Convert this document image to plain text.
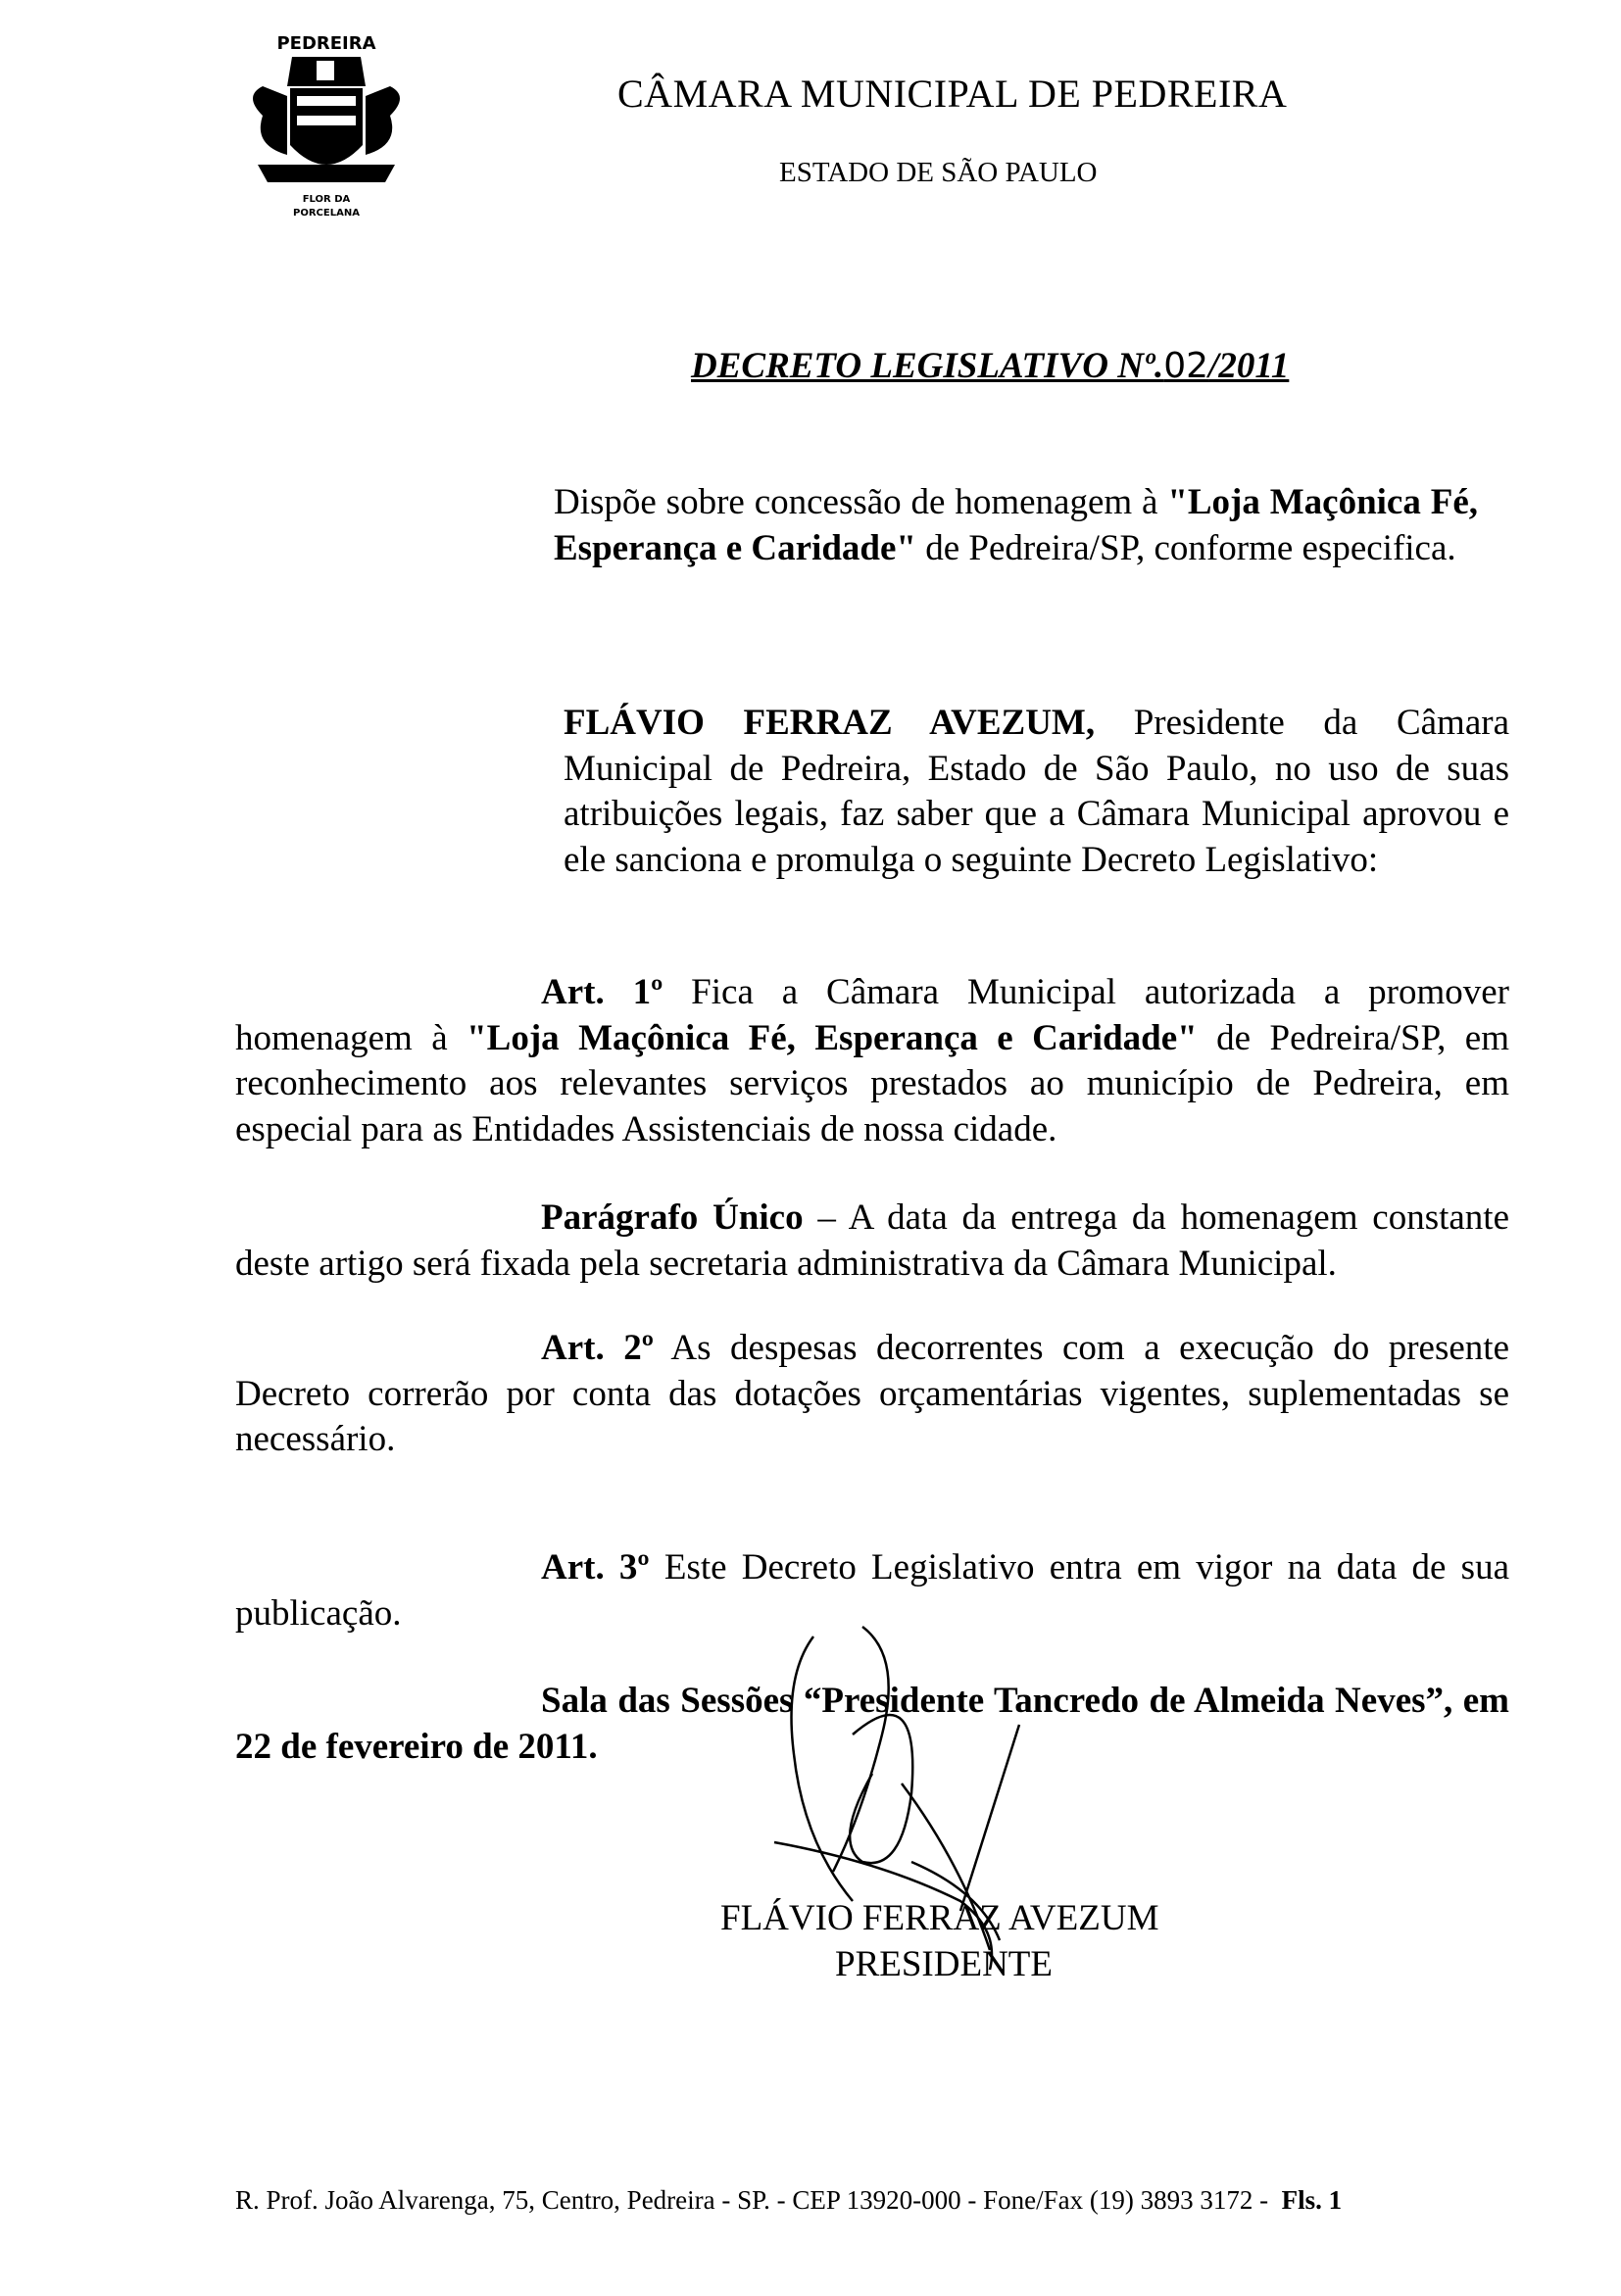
PEDREIRA
FLOR DA
PORCELANA
CÂMARA MUNICIPAL DE PEDREIRA
ESTADO DE SÃO PAULO
DECRETO LEGISLATIVO Nº.02/2011
Dispõe sobre concessão de homenagem à "Loja Maçônica Fé, Esperança e Caridade" de Pedreira/SP, conforme especifica.
FLÁVIO FERRAZ AVEZUM, Presidente da Câmara Municipal de Pedreira, Estado de São Paulo, no uso de suas atribuições legais, faz saber que a Câmara Municipal aprovou e ele sanciona e promulga o seguinte Decreto Legislativo:
Art. 1º Fica a Câmara Municipal autorizada a promover homenagem à "Loja Maçônica Fé, Esperança e Caridade" de Pedreira/SP, em reconhecimento aos relevantes serviços prestados ao município de Pedreira, em especial para as Entidades Assistenciais de nossa cidade.
Parágrafo Único – A data da entrega da homenagem constante deste artigo será fixada pela secretaria administrativa da Câmara Municipal.
Art. 2º As despesas decorrentes com a execução do presente Decreto correrão por conta das dotações orçamentárias vigentes, suplementadas se necessário.
Art. 3º Este Decreto Legislativo entra em vigor na data de sua publicação.
Sala das Sessões “Presidente Tancredo de Almeida Neves”, em 22 de fevereiro de 2011.
FLÁVIO FERRAZ AVEZUM
PRESIDENTE
R. Prof. João Alvarenga, 75, Centro, Pedreira - SP. - CEP 13920-000 - Fone/Fax (19) 3893 3172 - Fls. 1
